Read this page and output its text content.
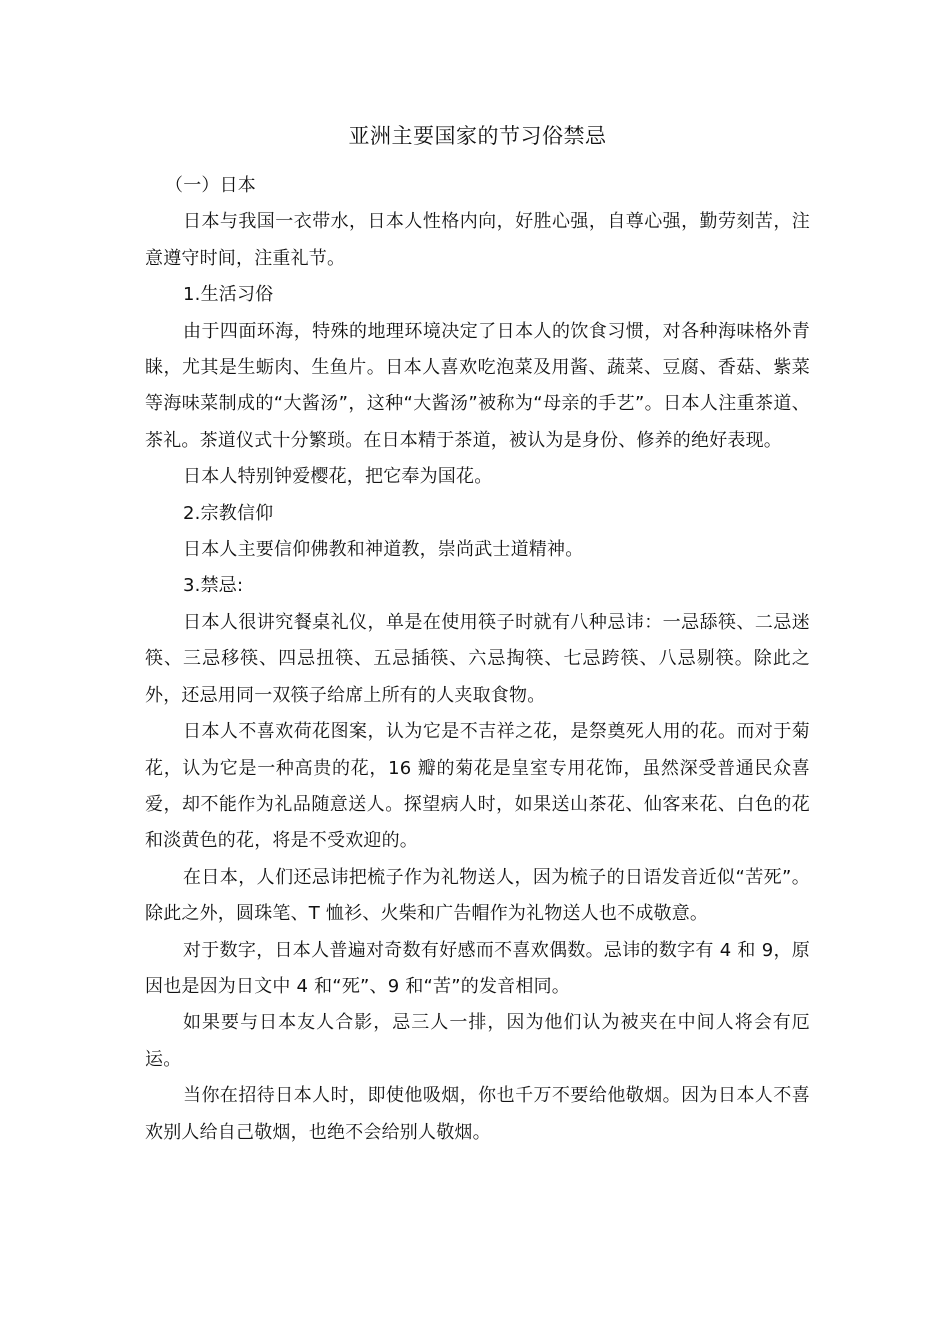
亚洲主要国家的节习俗禁忌

（一）日本

日本与我国一衣带水，日本人性格内向，好胜心强，自尊心强，勤劳刻苦，注意遵守时间，注重礼节。

1.生活习俗

由于四面环海，特殊的地理环境决定了日本人的饮食习惯，对各种海味格外青睐，尤其是生蛎肉、生鱼片。日本人喜欢吃泡菜及用酱、蔬菜、豆腐、香菇、紫菜等海味菜制成的“大酱汤”，这种“大酱汤”被称为“母亲的手艺”。日本人注重茶道、茶礼。茶道仪式十分繁琐。在日本精于茶道，被认为是身份、修养的绝好表现。

日本人特别钟爱樱花，把它奉为国花。

2.宗教信仰

日本人主要信仰佛教和神道教，崇尚武士道精神。

3.禁忌:

日本人很讲究餐桌礼仪，单是在使用筷子时就有八种忌讳：一忌舔筷、二忌迷筷、三忌移筷、四忌扭筷、五忌插筷、六忌掏筷、七忌跨筷、八忌剔筷。除此之外，还忌用同一双筷子给席上所有的人夹取食物。

日本人不喜欢荷花图案，认为它是不吉祥之花，是祭奠死人用的花。而对于菊花，认为它是一种高贵的花，16 瓣的菊花是皇室专用花饰，虽然深受普通民众喜爱，却不能作为礼品随意送人。探望病人时，如果送山茶花、仙客来花、白色的花和淡黄色的花，将是不受欢迎的。

在日本，人们还忌讳把梳子作为礼物送人，因为梳子的日语发音近似“苦死”。除此之外，圆珠笔、T 恤衫、火柴和广告帽作为礼物送人也不成敬意。

对于数字，日本人普遍对奇数有好感而不喜欢偶数。忌讳的数字有 4 和 9，原因也是因为日文中 4 和“死”、9 和“苦”的发音相同。

如果要与日本友人合影，忌三人一排，因为他们认为被夹在中间人将会有厄运。

当你在招待日本人时，即使他吸烟，你也千万不要给他敬烟。因为日本人不喜欢别人给自己敬烟，也绝不会给别人敬烟。
